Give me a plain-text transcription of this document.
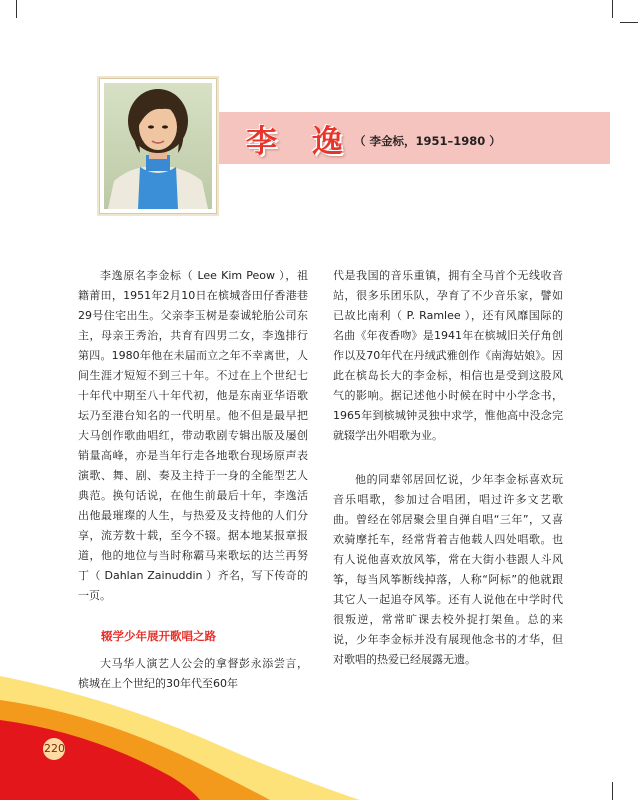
李 逸 （ 李金标，1951–1980 ）

李逸原名李金标（ Lee Kim Peow ），祖籍莆田，1951年2月10日在槟城沓田仔香港巷29号住宅出生。父亲李玉树是泰诚轮胎公司东主，母亲王秀治，共育有四男二女，李逸排行第四。1980年他在未届而立之年不幸离世，人间生涯才短短不到三十年。不过在上个世纪七十年代中期至八十年代初，他是东南亚华语歌坛乃至港台知名的一代明星。他不但是最早把大马创作歌曲唱红，带动歌剧专辑出版及屡创销量高峰，亦是当年行走各地歌台现场原声表演歌、舞、剧、奏及主持于一身的全能型艺人典范。换句话说，在他生前最后十年，李逸活出他最璀璨的人生，与热爱及支持他的人们分享，流芳数十载，至今不辍。据本地某报章报道，他的地位与当时称霸马来歌坛的达兰再努丁（ Dahlan Zainuddin ）齐名，写下传奇的一页。

辍学少年展开歌唱之路

大马华人演艺人公会的拿督彭永添尝言，槟城在上个世纪的30年代至60年

代是我国的音乐重镇，拥有全马首个无线收音站，很多乐团乐队，孕育了不少音乐家，譬如已故比南利（ P. Ramlee ），还有风靡国际的名曲《年夜香吻》是1941年在槟城旧关仔角创作以及70年代在丹绒武雅创作《南海姑娘》。因此在槟岛长大的李金标，相信也是受到这股风气的影响。据记述他小时候在时中小学念书，1965年到槟城钟灵独中求学，惟他高中没念完就辍学出外唱歌为业。

他的同辈邻居回忆说，少年李金标喜欢玩音乐唱歌，参加过合唱团，唱过许多文艺歌曲。曾经在邻居聚会里自弹自唱“三年”，又喜欢骑摩托车，经常背着吉他载人四处唱歌。也有人说他喜欢放风筝，常在大街小巷跟人斗风筝，每当风筝断线掉落，人称“阿标”的他就跟其它人一起追夺风筝。还有人说他在中学时代很叛逆，常常旷课去校外捉打架鱼。总的来说，少年李金标并没有展现他念书的才华，但对歌唱的热爱已经展露无遗。

220
